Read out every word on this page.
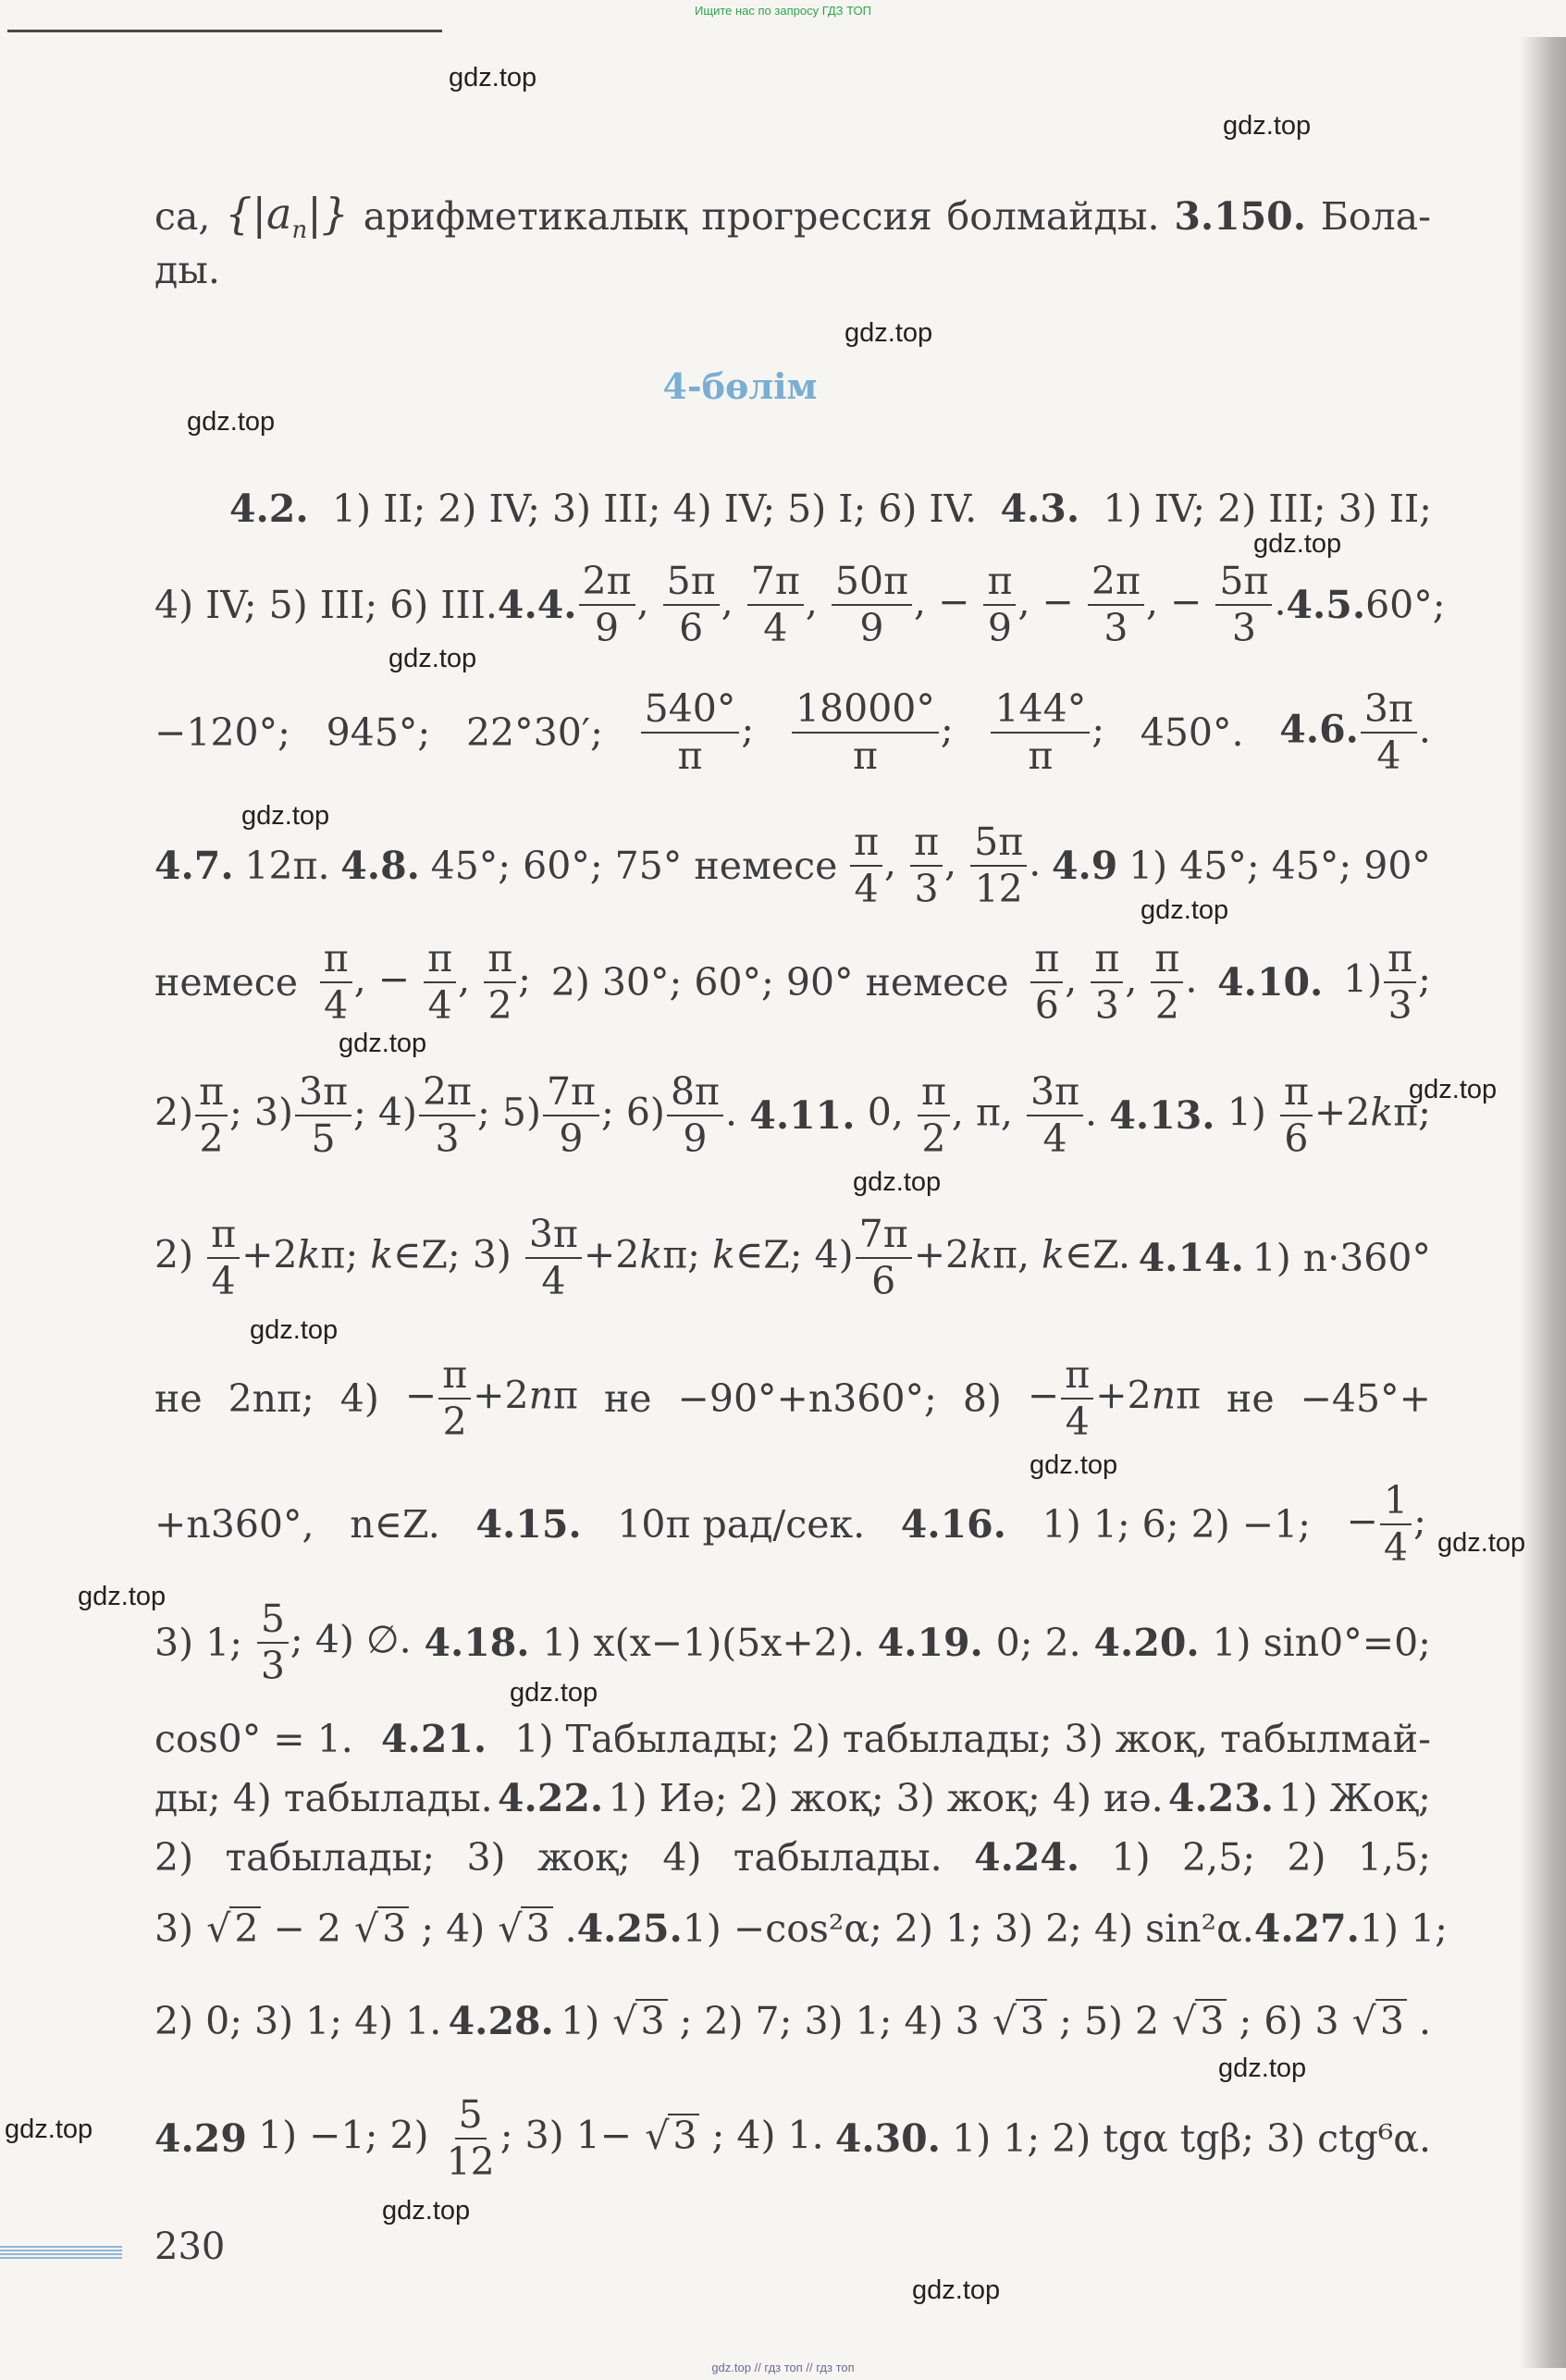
Ищите нас по запросу ГДЗ ТОП
gdz.top
gdz.top
gdz.top
gdz.top
gdz.top
gdz.top
gdz.top
gdz.top
gdz.top
gdz.top
gdz.top
gdz.top
gdz.top
gdz.top
gdz.top
gdz.top
gdz.top
gdz.top
gdz.top
gdz.top
са, $\{|a_n|\}$ арифметикалық прогрессия болмайды. 3.150. Бола-
ды.
4-бөлім
4.2. 1) II; 2) IV; 3) III; 4) IV; 5) I; 6) IV. 4.3. 1) IV; 2) III; 3) II;
4) IV; 5) III; 6) III. 4.4. $\frac{2\pi}{9}$ , $\frac{5\pi}{6}$ , $\frac{7\pi}{4}$ , $\frac{50\pi}{9}$ , − $\frac{\pi}{9}$ , − $\frac{2\pi}{3}$ , − $\frac{5\pi}{3}$ . 4.5. 60°;
−120°; 945°; 22°30′; $\frac{540^\circ}{\pi}$ ; $\frac{18000^\circ}{\pi}$ ; $\frac{144^\circ}{\pi}$ ; 450°. 4.6. $\frac{3\pi}{4}$ .
4.7. 12π. 4.8. 45°; 60°; 75° немесе $\frac{\pi}{4}$ , $\frac{\pi}{3}$ , $\frac{5\pi}{12}$ . 4.9 1) 45°; 45°; 90°
немесе $\frac{\pi}{4}$ , − $\frac{\pi}{4}$ , $\frac{\pi}{2}$ ; 2) 30°; 60°; 90° немесе $\frac{\pi}{6}$ , $\frac{\pi}{3}$ , $\frac{\pi}{2}$ . 4.10. $1) \frac{\pi}{3}$ ;
$2) \frac{\pi}{2}$ ; $3) \frac{3\pi}{5}$ ; $4) \frac{2\pi}{3}$ ; $5) \frac{7\pi}{9}$ ; $6) \frac{8\pi}{9}$ . 4.11. 0, $\frac{\pi}{2}$ , π, $\frac{3\pi}{4}$ . 4.13. $1) \frac{\pi}{6} +2k\pi$;
$2) \frac{\pi}{4} +2k\pi$; k∈Z; $3) \frac{3\pi}{4} +2k\pi$; k∈Z; $4) \frac{7\pi}{6} +2k\pi$, k∈Z. 4.14. 1) n·360°
не 2nπ; $4) - \frac{\pi}{2} +2n\pi$ не −90°+n360°; $8) - \frac{\pi}{4} +2n\pi$ не −45°+
+n360°, n∈Z. 4.15. 10π рад/сек. 4.16. 1) 1; 6; 2) −1; − $\frac{1}{4}$ ;
3) 1; $\frac{5}{3}$ ; 4) ∅. 4.18. 1) x(x−1)(5x+2). 4.19. 0; 2. 4.20. 1) sin0°=0;
cos0° = 1. 4.21. 1) Табылады; 2) табылады; 3) жоқ, табылмай-
ды; 4) табылады. 4.22. 1) Иә; 2) жоқ; 3) жоқ; 4) иә. 4.23. 1) Жоқ;
2) табылады; 3) жоқ; 4) табылады. 4.24. 1) 2,5; 2) 1,5;
3)   √ 2 − 2   √ 3 ; 4)   √ 3 . 4.25. 1) −cos²α; 2) 1; 3) 2; 4) sin²α. 4.27. 1) 1;
2) 0; 3) 1; 4) 1. 4.28. 1)   √ 3 ; 2) 7; 3) 1; 4) 3   √ 3 ; 5) 2   √ 3 ; 6) 3   √ 3 .
4.29 1) −1; $2) \frac{5}{12}$ ; 3) 1−   √ 3 ; 4) 1. 4.30. 1) 1; 2) tgα tgβ; 3) ctg⁶α.
230
gdz.top // гдз топ // гдз топ
